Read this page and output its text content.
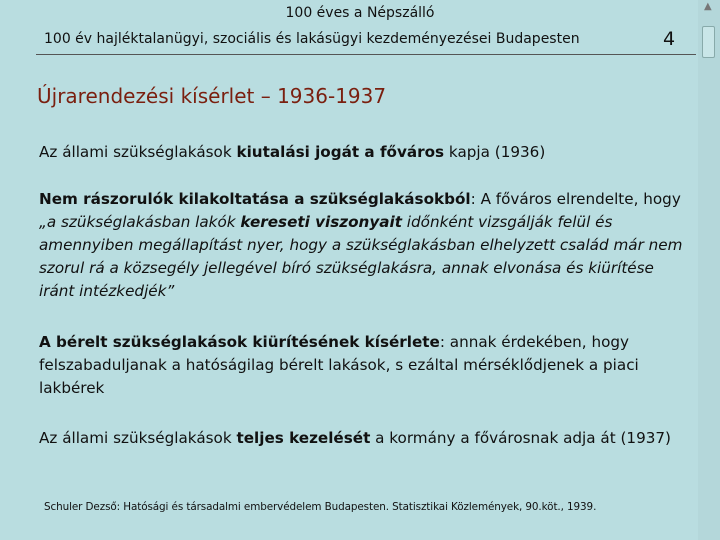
100 éves a Népszálló
100 év hajléktalanügyi, szociális és lakásügyi kezdeményezései Budapesten	4
▲
Újrarendezési kísérlet – 1936-1937
Az állami szükséglakások kiutalási jogát a főváros kapja (1936)
Nem rászorulók kilakoltatása a szükséglakásokból: A főváros elrendelte, hogy „a szükséglakásban lakók kereseti viszonyait időnként vizsgálják felül és amennyiben megállapítást nyer, hogy a szükséglakásban elhelyzett család már nem szorul rá a közsegély jellegével bíró szükséglakásra, annak elvonása és kiürítése iránt intézkedjék”
A bérelt szükséglakások kiürítésének kísérlete: annak érdekében, hogy felszabaduljanak a hatóságilag bérelt lakások, s ezáltal mérséklődjenek a piaci lakbérek
Az állami szükséglakások teljes kezelését a kormány a fővárosnak adja át (1937)
Schuler Dezső: Hatósági és társadalmi embervédelem Budapesten. Statisztikai Közlemények, 90.köt., 1939.
